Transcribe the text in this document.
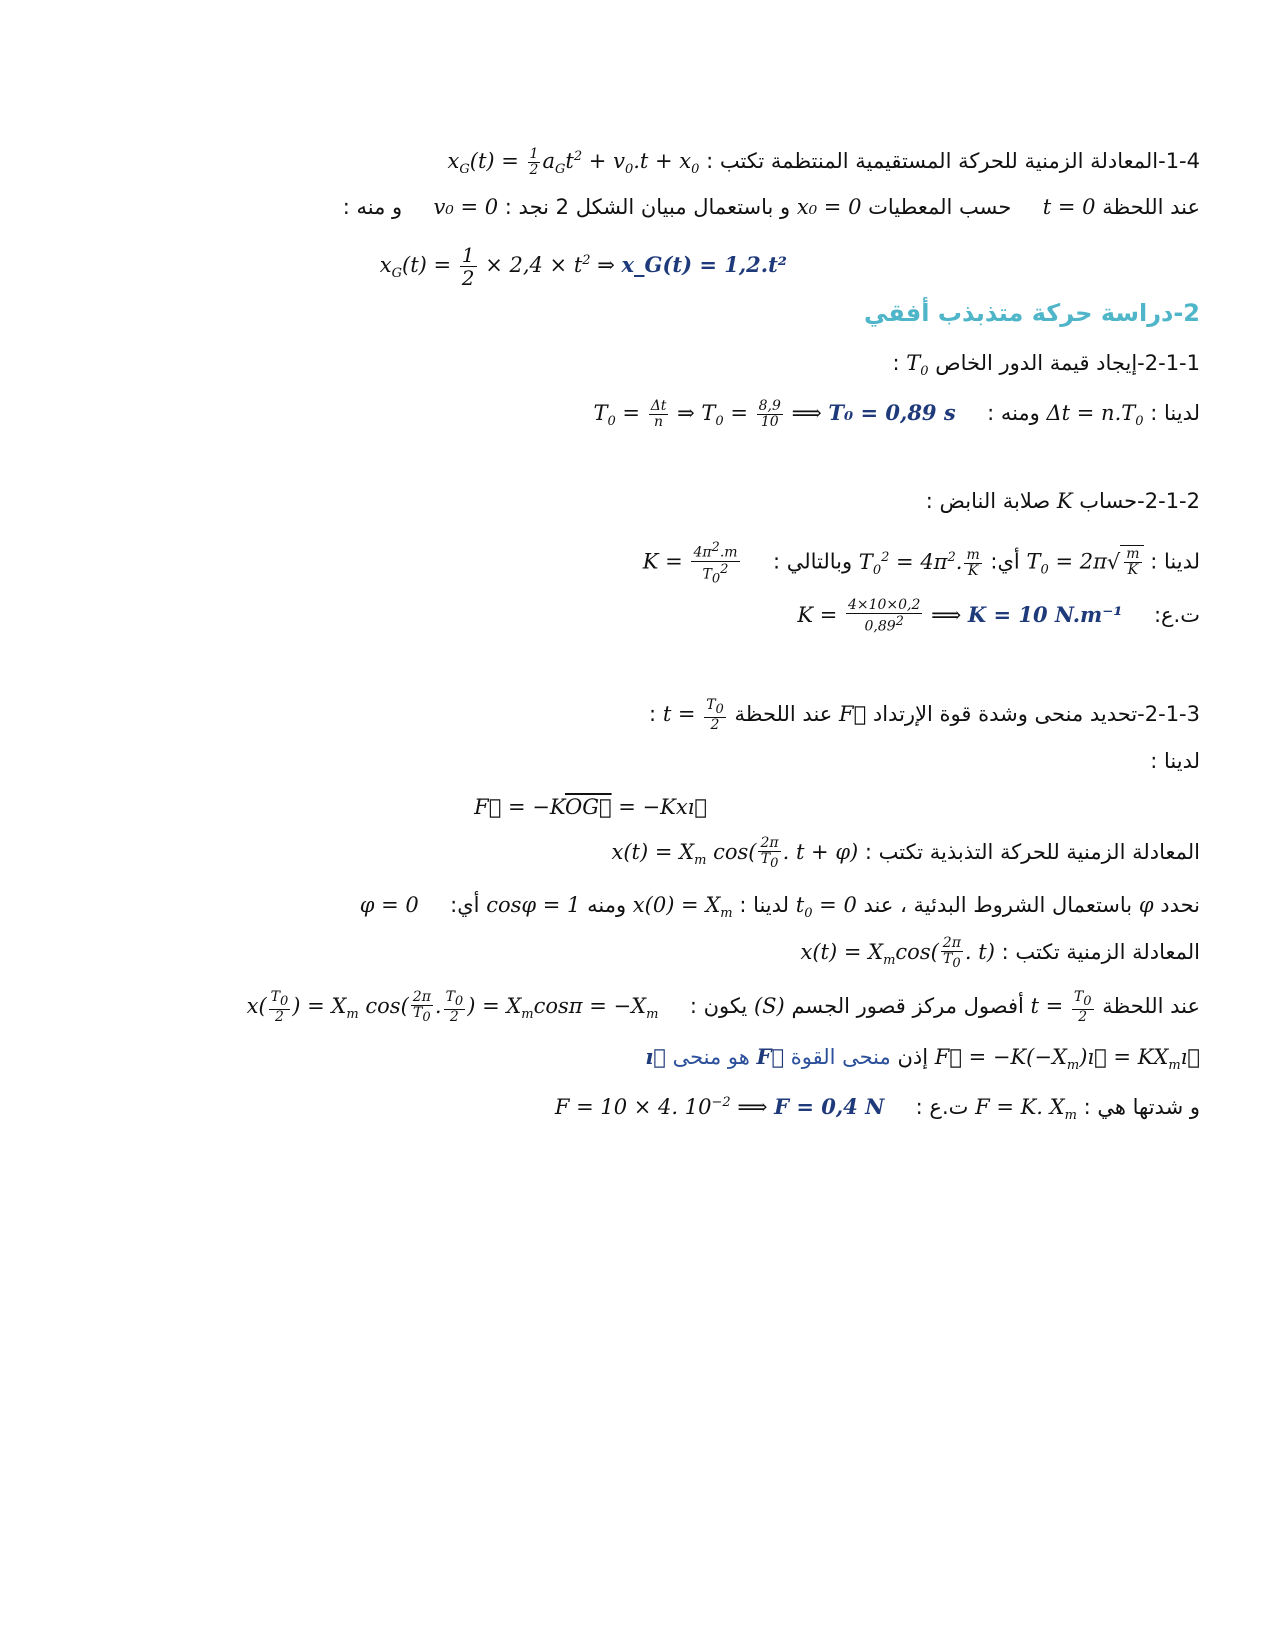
1-4-المعادلة الزمنية للحركة المستقيمية المنتظمة تكتب : $x_G(t) = \frac{1}{2} a_Gt^2 + v_0.t + x_0$
عند اللحظة t = 0  حسب المعطيات x₀ = 0 و باستعمال مبيان الشكل 2 نجد : v₀ = 0  و منه :
$x_G(t) = \frac{1}{2} \times 2,4 \times t^2$ ⇒ x_G(t) = 1,2.t²
2-دراسة حركة متذبذب أفقي
2-1-1-إيجاد قيمة الدور الخاص $T_0$ :
لدينا : $\Delta t = n.T_0$ ومنه :  $T_0 = \frac{\Delta t}{n}$ ⇒ $T_0 = \frac{8,9}{10}$ ⟹ T₀ = 0,89 s
2-1-2-حساب K صلابة النابض :
لدينا : $T_0 = 2\pi√ \frac{m}{K}$
أي: $T_0^2 = 4\pi^2$. $\frac{m}{K}$
وبالتالي :  $K = \frac{4\pi^2.m}{T_0^2}$
ت.ع:  $K = \frac{4\times 10\times 0,2}{0,89^2}$ ⟹ K = 10 N.m⁻¹
2-1-3-تحديد منحى وشدة قوة الإرتداد F⃗ عند اللحظة $t = \frac{T_0}{2}$
:
لدينا :
F⃗ = $-K\overline{OG}⃗$ = −Kxı⃗
المعادلة الزمنية للحركة التذبذية تكتب : $x(t) = X_m$ $\cos( \frac{2\pi}{T_0}$ . t + φ)
نحدد φ باستعمال الشروط البدئية ، عند $t_0 = 0$ لدينا : $x(0) = X_m$ ومنه cosφ = 1 أي:  φ = 0
المعادلة الزمنية تكتب : $x(t) = X_m\cos( \frac{2\pi}{T_0}$ . t)
عند اللحظة $t = \frac{T_0}{2}$
أفصول مركز قصور الجسم (S) يكون :  $x( \frac{T_0}{2}$ ) = $X_m$ $\cos( \frac{2\pi}{T_0}$ . $\frac{T_0}{2}$ ) = $X_m\cos\pi = -X_m$
F⃗ = $-K(-X_m)ı⃗$ = $KX_mı⃗$ إذن منحى القوة F⃗ هو منحى ı⃗
و شدتها هي : F = K. $X_m$ ت.ع :  F = 10 × 4. $10^{-2}$ ⟹ F = 0,4 N
